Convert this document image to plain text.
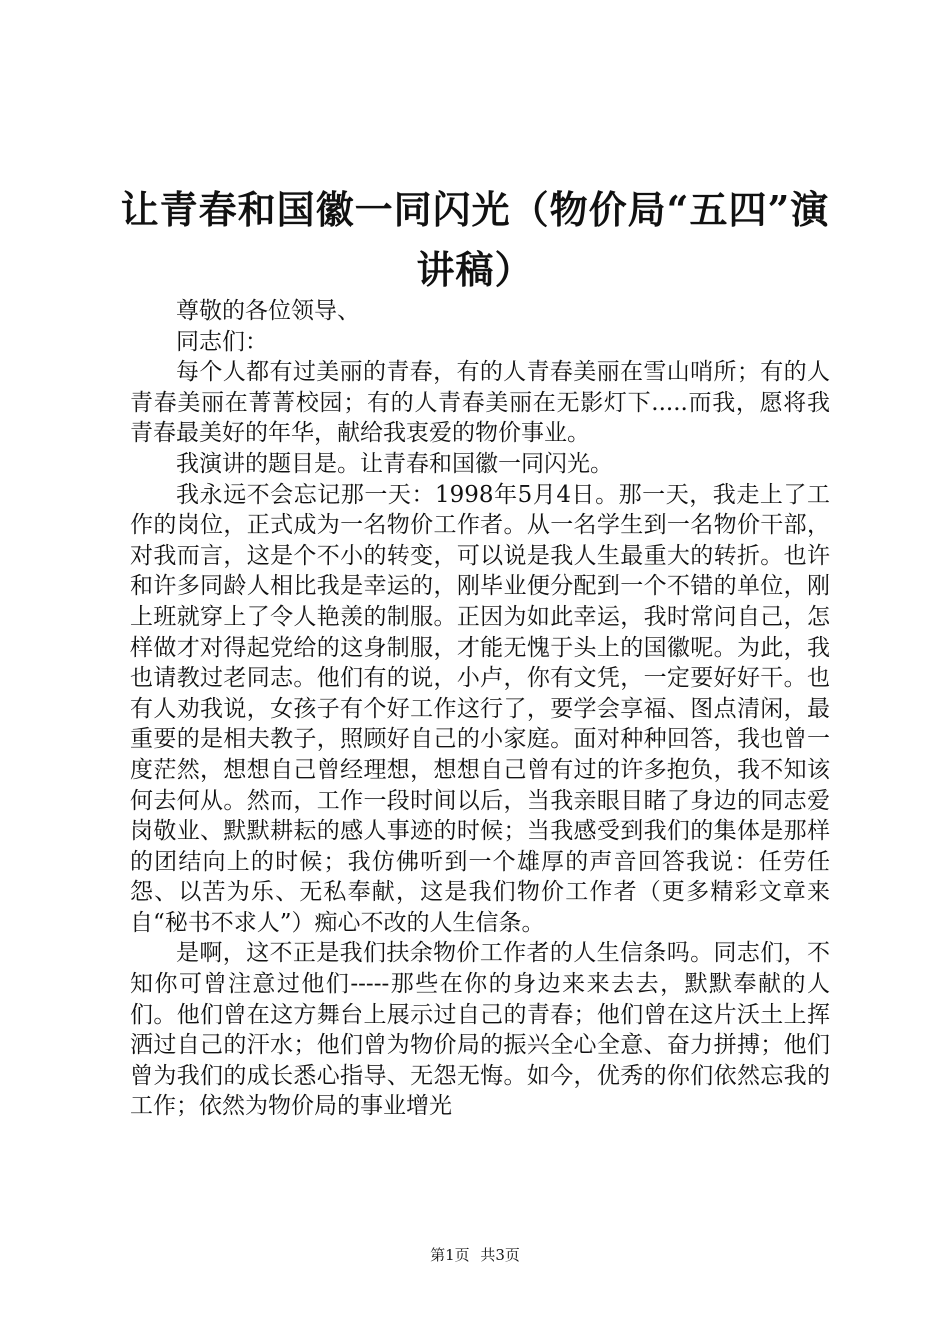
让青春和国徽一同闪光（物价局“五四”演讲稿）

尊敬的各位领导、

同志们：

每个人都有过美丽的青春，有的人青春美丽在雪山哨所；有的人青春美丽在菁菁校园；有的人青春美丽在无影灯下.....而我，愿将我青春最美好的年华，献给我衷爱的物价事业。

我演讲的题目是。让青春和国徽一同闪光。

我永远不会忘记那一天：1998年5月4日。那一天，我走上了工作的岗位，正式成为一名物价工作者。从一名学生到一名物价干部，对我而言，这是个不小的转变，可以说是我人生最重大的转折。也许和许多同龄人相比我是幸运的，刚毕业便分配到一个不错的单位，刚上班就穿上了令人艳羡的制服。正因为如此幸运，我时常问自己，怎样做才对得起党给的这身制服，才能无愧于头上的国徽呢。为此，我也请教过老同志。他们有的说，小卢，你有文凭，一定要好好干。也有人劝我说，女孩子有个好工作这行了，要学会享福、图点清闲，最重要的是相夫教子，照顾好自己的小家庭。面对种种回答，我也曾一度茫然，想想自己曾经理想，想想自己曾有过的许多抱负，我不知该何去何从。然而，工作一段时间以后，当我亲眼目睹了身边的同志爱岗敬业、默默耕耘的感人事迹的时候；当我感受到我们的集体是那样的团结向上的时候；我仿佛听到一个雄厚的声音回答我说：任劳任怨、以苦为乐、无私奉献，这是我们物价工作者（更多精彩文章来自“秘书不求人”）痴心不改的人生信条。

是啊，这不正是我们扶余物价工作者的人生信条吗。同志们，不知你可曾注意过他们-----那些在你的身边来来去去，默默奉献的人们。他们曾在这方舞台上展示过自己的青春；他们曾在这片沃土上挥洒过自己的汗水；他们曾为物价局的振兴全心全意、奋力拼搏；他们曾为我们的成长悉心指导、无怨无悔。如今，优秀的你们依然忘我的工作；依然为物价局的事业增光

第1页 共3页
